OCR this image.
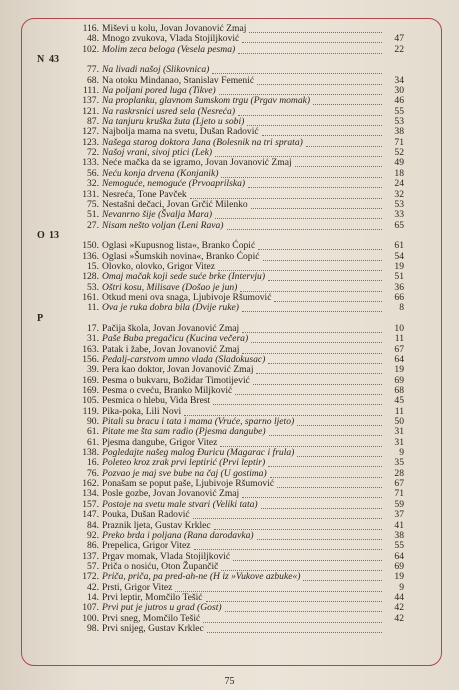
116. Miševi u kolu, Jovan Jovanović Zmaj
48. Mnogo zvukova, Vlada Stojiljković	47
102. Molim zeca beloga (Vesela pesma)	22
N 43
77. Na livadi našoj (Slikovnica)
68. Na otoku Mindanao, Stanislav Femenić	34
111. Na poljani pored luga (Tikve)	30
137. Na proplanku, glavnom šumskom trgu (Prgav momak)	46
121. Na raskrsnici usred sela (Nesreća)	55
87. Na tanjuru kruška žuta (Ljeto u sobi)	53
127. Najbolja mama na svetu, Dušan Radović	38
123. Našega starog doktora Jana (Bolesnik na tri sprata)	71
72. Našoj vrani, sivoj ptici (Lek)	52
133. Neće mačka da se igramo, Jovan Jovanović Zmaj	49
56. Neću konja drvena (Konjanik)	18
32. Nemoguće, nemoguće (Prvoaprilska)	24
131. Nesreća, Tone Pavček	32
75. Nestašni dečaci, Jovan Grčić Milenko	53
51. Nevanrno šije (Švalja Mara)	33
27. Nisam nešto voljan (Leni Rava)	65
O 13
150. Oglasi »Kupusnog lista«, Branko Ćopić	61
136. Oglasi »Šumskih novina«, Branko Ćopić	54
15. Olovko, olovko, Grigor Vitez	19
128. Omaj mačak koji sede suće brke (Intervju)	51
53. Oštri kosu, Milisave (Došao je jun)	36
161. Otkud meni ova snaga, Ljubivoje Ršumović	66
11. Ova je ruka dobra bila (Dvije ruke)	8
P
17. Pačija škola, Jovan Jovanović Zmaj	10
31. Paše Buba pregačicu (Kucina večera)	11
163. Patak i žabe, Jovan Jovanović Zmaj	67
156. Pedalj-carstvom umno vlada (Sladokusac)	64
39. Pera kao doktor, Jovan Jovanović Zmaj	19
169. Pesma o bukvaru, Božidar Timotijević	69
169. Pesma o cveću, Branko Miljković	68
105. Pesmica o hlebu, Vida Brest	45
119. Pika-poka, Lili Novi	11
90. Pitali su bracu i tata i mama (Vruće, sparno ljeto)	50
61. Pitate me šta sam radio (Pjesma dangube)	31
61. Pjesma dangube, Grigor Vitez	31
138. Pogledajte našeg malog Đuricu (Magarac i frula)	9
16. Poleteo kroz zrak prvi leptirić (Prvi leptir)	35
76. Pozvao je maj sve bube na čaj (U gostima)	28
162. Ponašam se poput paše, Ljubivoje Ršumović	67
134. Posle gozbe, Jovan Jovanović Zmaj	71
157. Postoje na svetu male stvari (Veliki tata)	59
147. Pouka, Dušan Radović	37
84. Praznik ljeta, Gustav Krklec	41
92. Preko brda i poljana (Rana darodavka)	38
86. Prepelica, Grigor Vitez	55
137. Prgav momak, Vlada Stojiljković	64
57. Priča o nosiću, Oton Župančič	69
172. Priča, priča, pa pred-ah-ne (H iz »Vukove azbuke«)	19
42. Prsti, Grigor Vitez	9
14. Prvi leptir, Momčilo Tešić	44
107. Prvi put je jutros u grad (Gost)	42
100. Prvi sneg, Momčilo Tešić	42
98. Prvi snijeg, Gustav Krklec
75
